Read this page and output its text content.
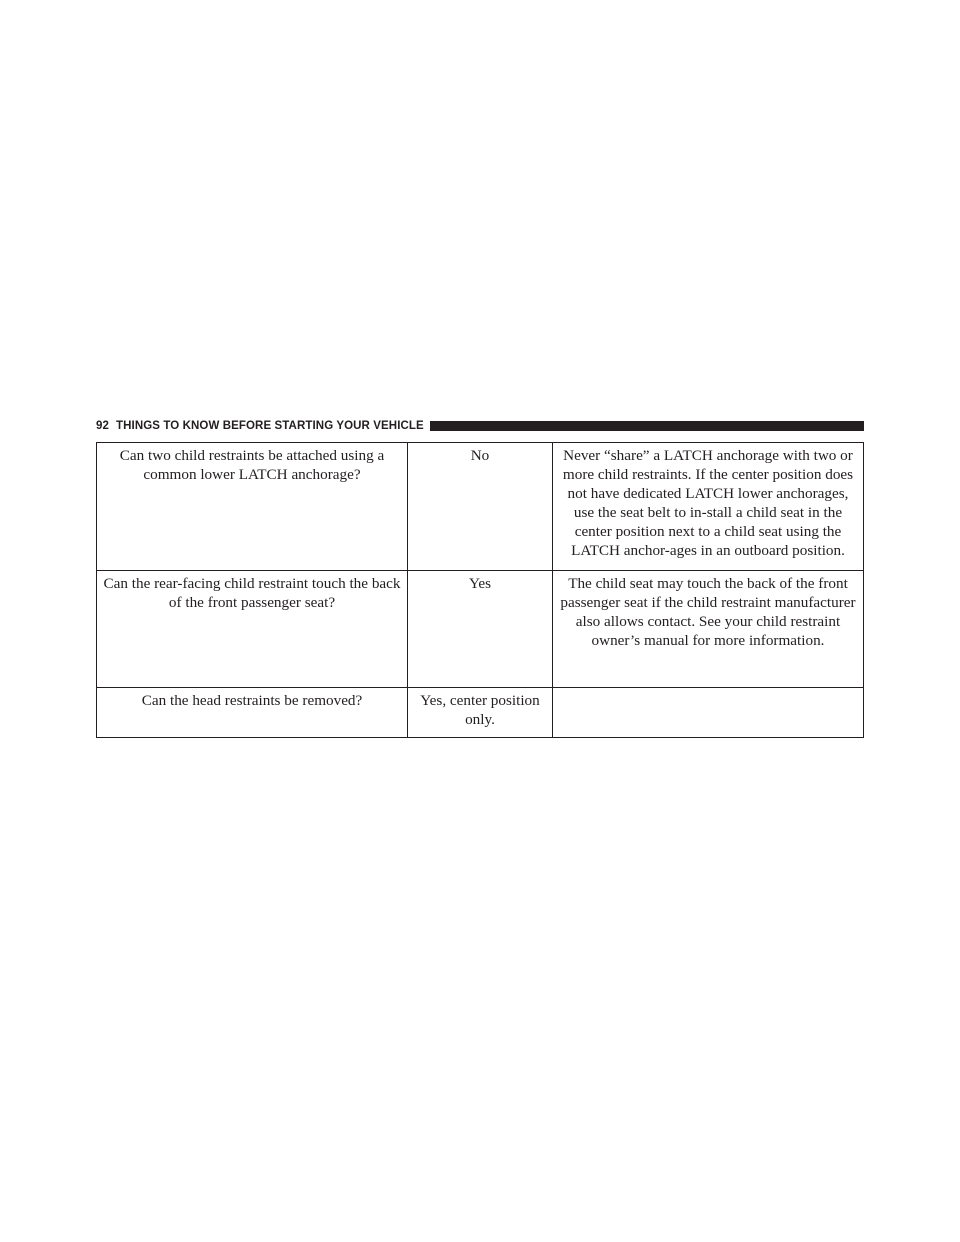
92 THINGS TO KNOW BEFORE STARTING YOUR VEHICLE
Can two child restraints be attached using a common lower LATCH anchorage?	No	Never “share” a LATCH anchorage with two or more child restraints. If the center position does not have dedicated LATCH lower anchorages, use the seat belt to in-stall a child seat in the center position next to a child seat using the LATCH anchor-ages in an outboard position.
Can the rear-facing child restraint touch the back of the front passenger seat?	Yes	The child seat may touch the back of the front passenger seat if the child restraint manufacturer also allows contact. See your child restraint owner’s manual for more information.
Can the head restraints be removed?	Yes, center position only.	
